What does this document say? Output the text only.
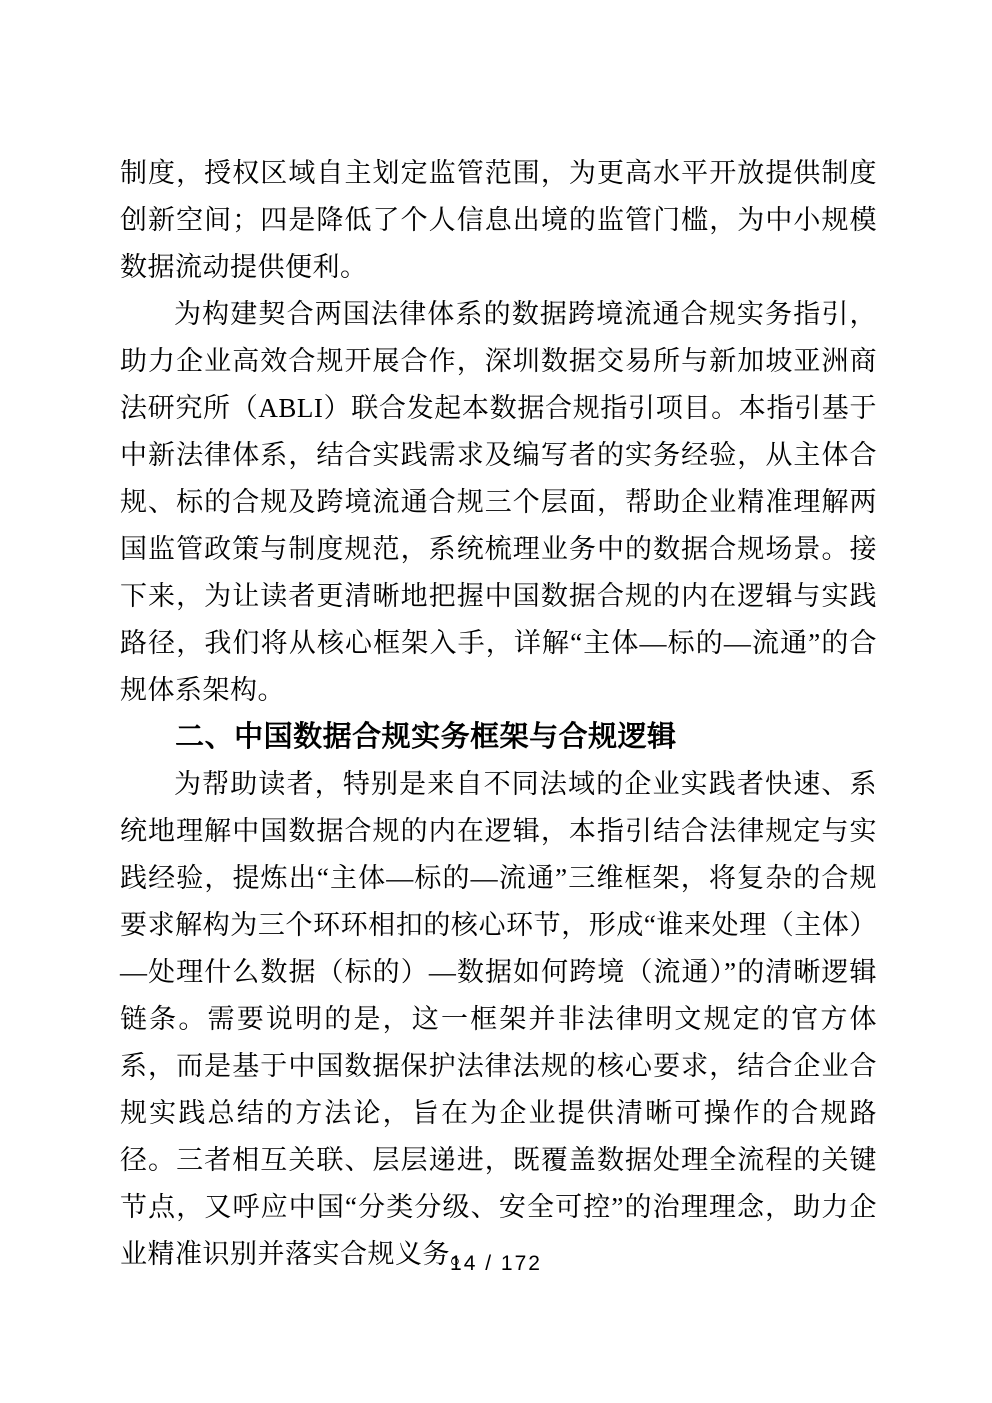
制度，授权区域自主划定监管范围，为更高水平开放提供制度创新空间；四是降低了个人信息出境的监管门槛，为中小规模数据流动提供便利。

为构建契合两国法律体系的数据跨境流通合规实务指引，助力企业高效合规开展合作，深圳数据交易所与新加坡亚洲商法研究所（ABLI）联合发起本数据合规指引项目。本指引基于中新法律体系，结合实践需求及编写者的实务经验，从主体合规、标的合规及跨境流通合规三个层面，帮助企业精准理解两国监管政策与制度规范，系统梳理业务中的数据合规场景。接下来，为让读者更清晰地把握中国数据合规的内在逻辑与实践路径，我们将从核心框架入手，详解“主体—标的—流通”的合规体系架构。

二、中国数据合规实务框架与合规逻辑

为帮助读者，特别是来自不同法域的企业实践者快速、系统地理解中国数据合规的内在逻辑，本指引结合法律规定与实践经验，提炼出“主体—标的—流通”三维框架，将复杂的合规要求解构为三个环环相扣的核心环节，形成“谁来处理（主体）—处理什么数据（标的）—数据如何跨境（流通）”的清晰逻辑链条。需要说明的是，这一框架并非法律明文规定的官方体系，而是基于中国数据保护法律法规的核心要求，结合企业合规实践总结的方法论，旨在为企业提供清晰可操作的合规路径。三者相互关联、层层递进，既覆盖数据处理全流程的关键节点，又呼应中国“分类分级、安全可控”的治理理念，助力企业精准识别并落实合规义务。

14 / 172
